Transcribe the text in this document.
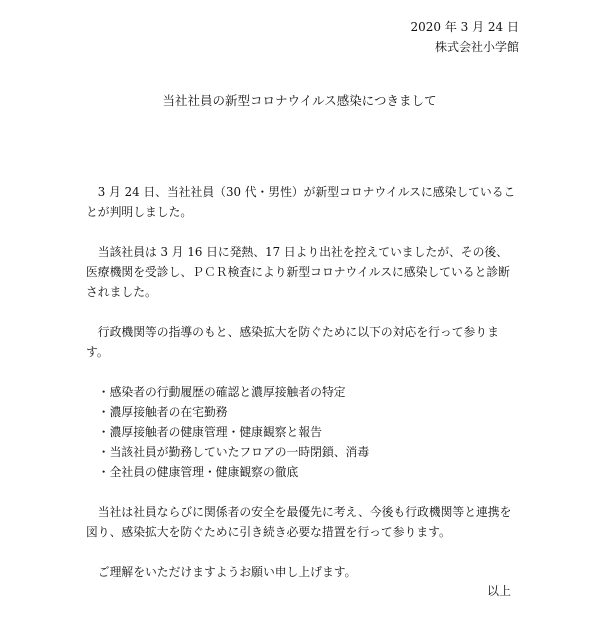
2020 年 3 月 24 日
株式会社小学館
当社社員の新型コロナウイルス感染につきまして

3 月 24 日、当社社員（30 代・男性）が新型コロナウイルスに感染していることが判明しました。

当該社員は 3 月 16 日に発熱、17 日より出社を控えていましたが、その後、医療機関を受診し、ＰＣＲ検査により新型コロナウイルスに感染していると診断されました。

行政機関等の指導のもと、感染拡大を防ぐために以下の対応を行って参ります。

・感染者の行動履歴の確認と濃厚接触者の特定
・濃厚接触者の在宅勤務
・濃厚接触者の健康管理・健康観察と報告
・当該社員が勤務していたフロアの一時閉鎖、消毒
・全社員の健康管理・健康観察の徹底

当社は社員ならびに関係者の安全を最優先に考え、今後も行政機関等と連携を図り、感染拡大を防ぐために引き続き必要な措置を行って参ります。

ご理解をいただけますようお願い申し上げます。

以上
